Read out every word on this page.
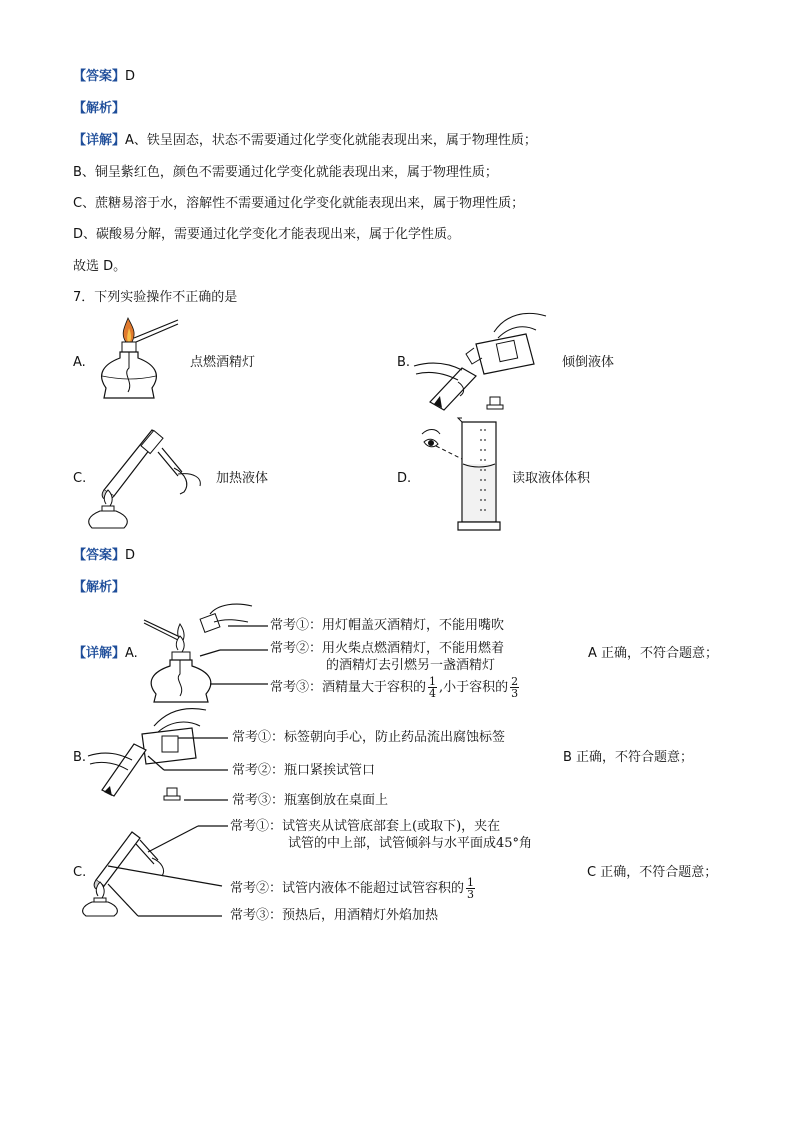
【答案】D
【解析】
【详解】A、铁呈固态，状态不需要通过化学变化就能表现出来，属于物理性质；
B、铜呈紫红色，颜色不需要通过化学变化就能表现出来，属于物理性质；
C、蔗糖易溶于水，溶解性不需要通过化学变化就能表现出来，属于物理性质；
D、碳酸易分解，需要通过化学变化才能表现出来，属于化学性质。
故选 D。
7．下列实验操作不正确的是
A.	点燃酒精灯	B.	倾倒液体
C.	加热液体	D.	读取液体体积
【答案】D
【解析】
【详解】A.
常考①：用灯帽盖灭酒精灯，不能用嘴吹
常考②：用火柴点燃酒精灯，不能用燃着
的酒精灯去引燃另一盏酒精灯
常考③：酒精量大于容积的 $\frac{1}{4}$ ,小于容积的 $\frac{2}{3}$
A 正确，不符合题意；
B.
常考①：标签朝向手心，防止药品流出腐蚀标签
常考②：瓶口紧挨试管口
常考③：瓶塞倒放在桌面上
B 正确，不符合题意；
C.
常考①：试管夹从试管底部套上(或取下)，夹在
试管的中上部，试管倾斜与水平面成45°角
常考②：试管内液体不能超过试管容积的 $\frac{1}{3}$
常考③：预热后，用酒精灯外焰加热
C 正确，不符合题意；
